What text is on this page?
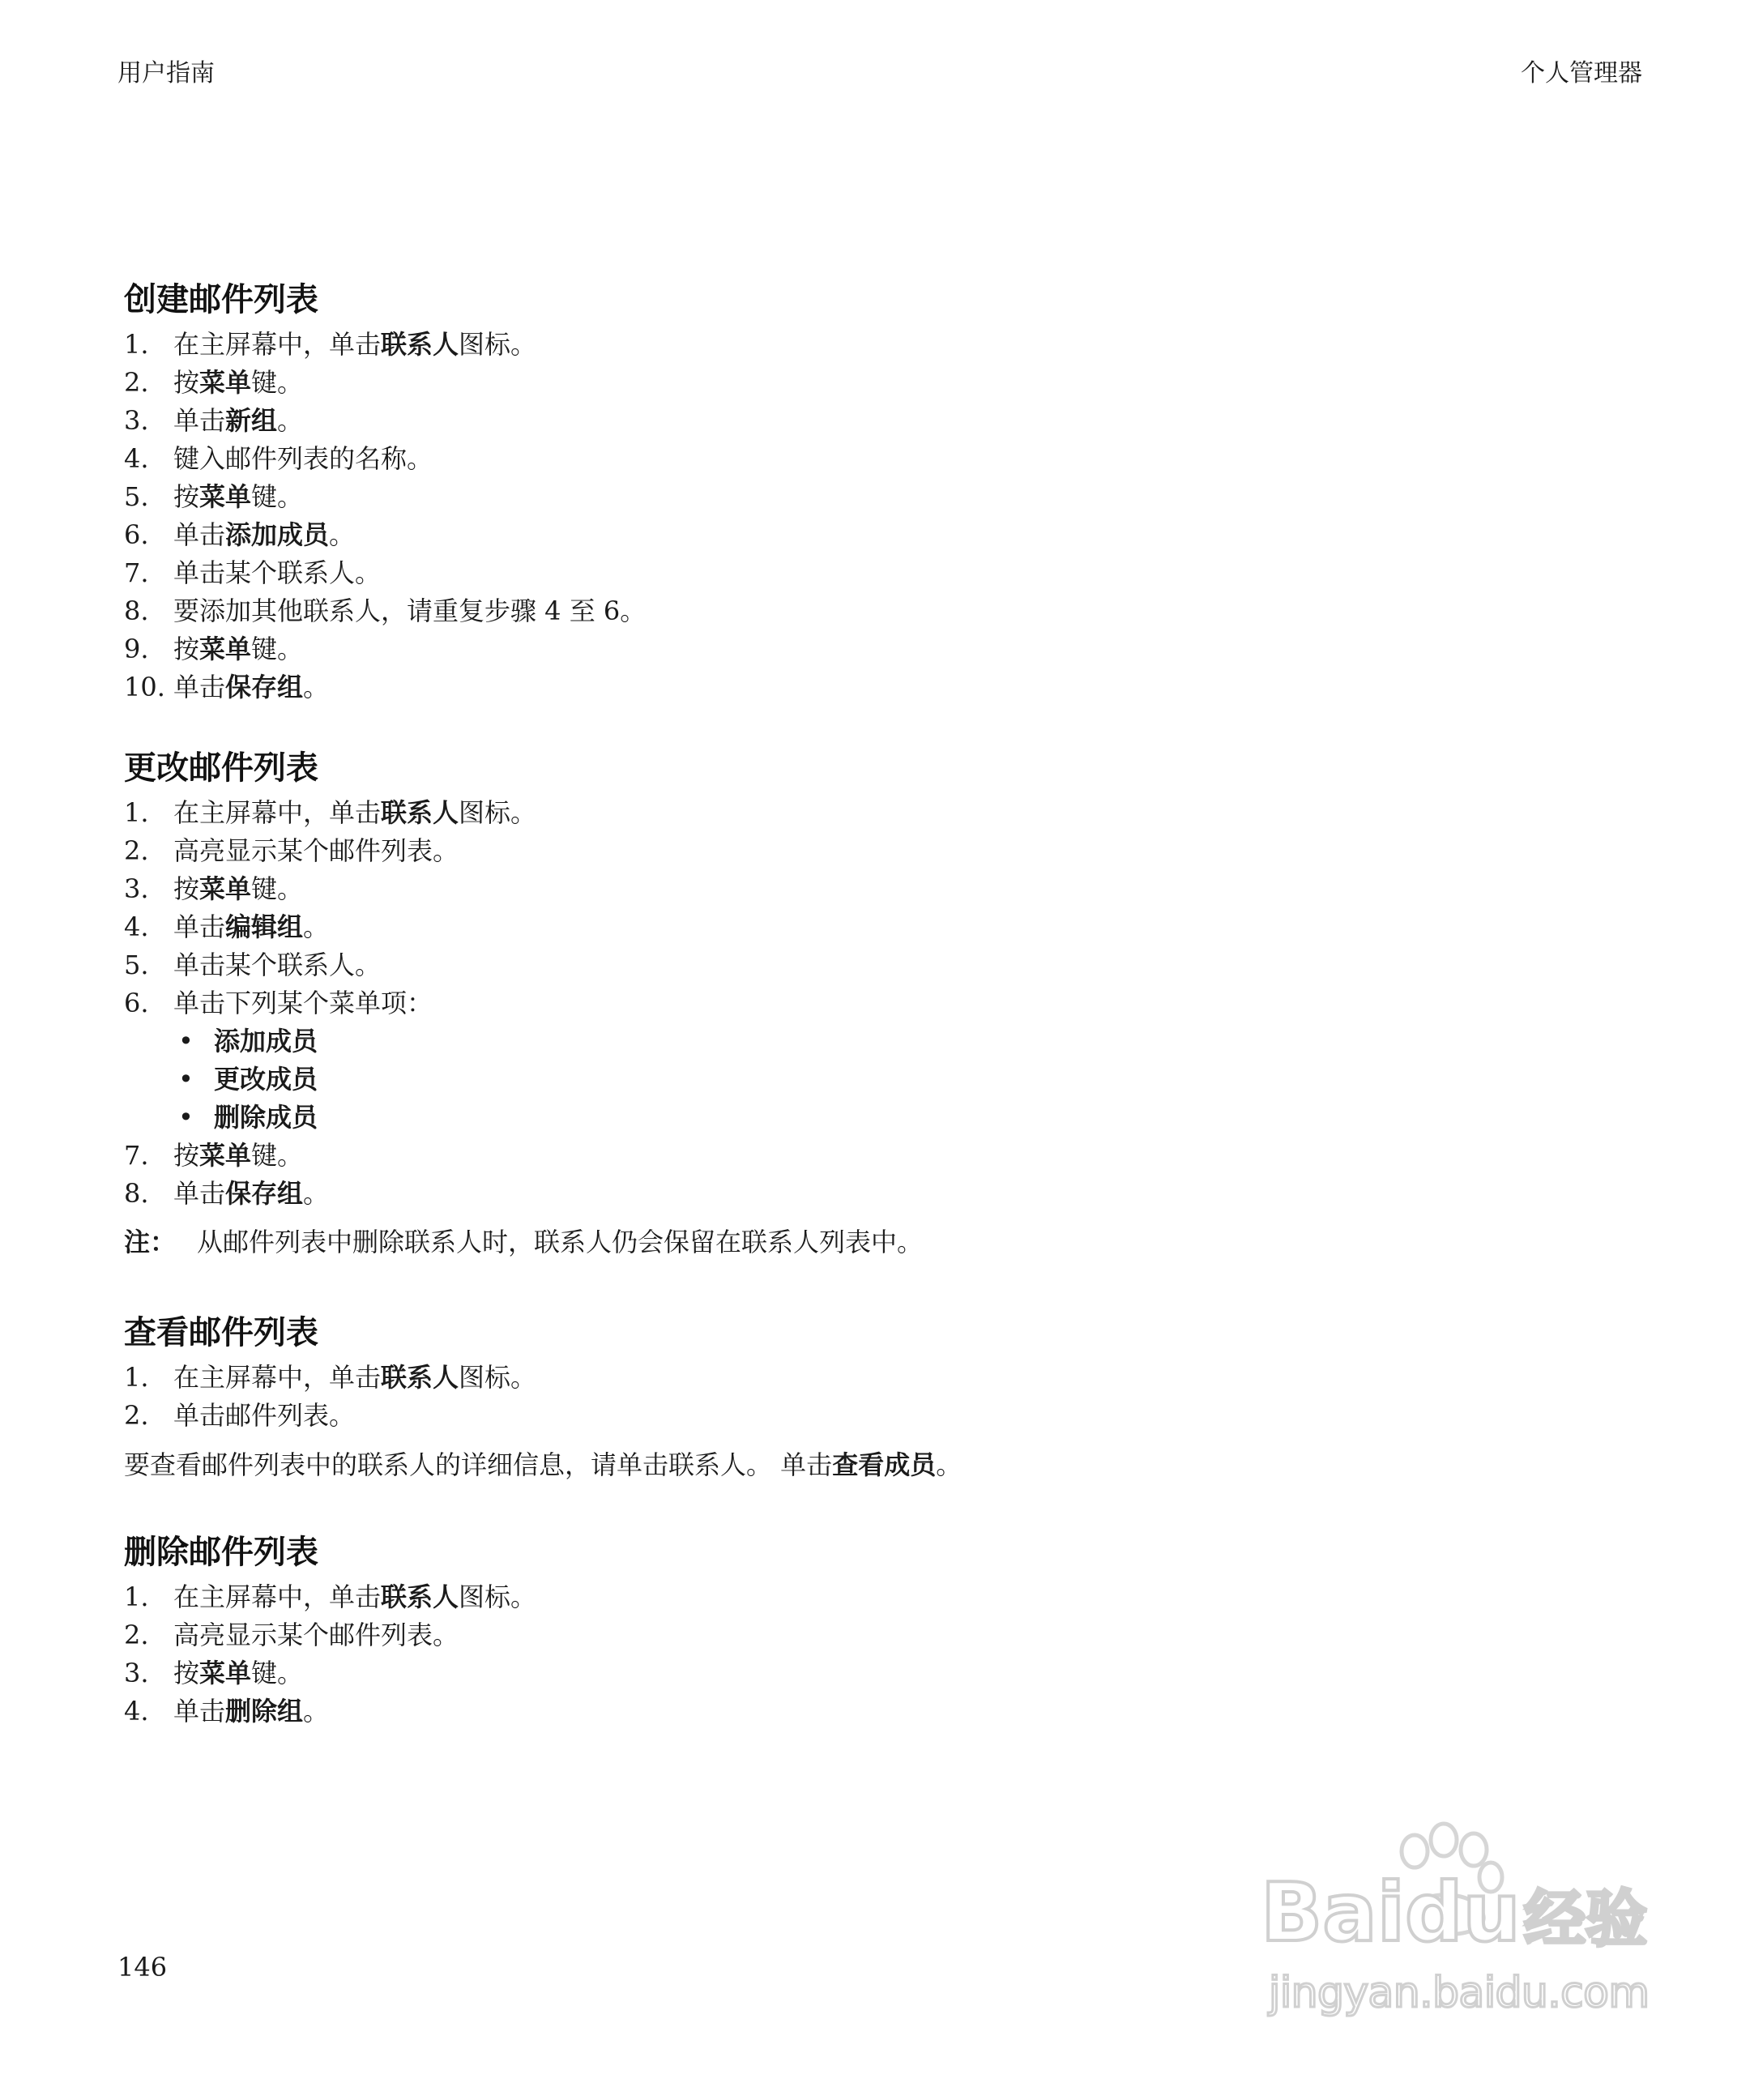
用户指南	个人管理器
创建邮件列表
1. 在主屏幕中，单击联系人图标。
2. 按菜单键。
3. 单击新组。
4. 键入邮件列表的名称。
5. 按菜单键。
6. 单击添加成员。
7. 单击某个联系人。
8. 要添加其他联系人，请重复步骤 4 至 6。
9. 按菜单键。
10. 单击保存组。
更改邮件列表
1. 在主屏幕中，单击联系人图标。
2. 高亮显示某个邮件列表。
3. 按菜单键。
4. 单击编辑组。
5. 单击某个联系人。
6. 单击下列某个菜单项：
• 添加成员
• 更改成员
• 删除成员
7. 按菜单键。
8. 单击保存组。
注： 从邮件列表中删除联系人时，联系人仍会保留在联系人列表中。
查看邮件列表
1. 在主屏幕中，单击联系人图标。
2. 单击邮件列表。
要查看邮件列表中的联系人的详细信息，请单击联系人。 单击查看成员。
删除邮件列表
1. 在主屏幕中，单击联系人图标。
2. 高亮显示某个邮件列表。
3. 按菜单键。
4. 单击删除组。
146
Baidu 经验
jingyan.baidu.com
